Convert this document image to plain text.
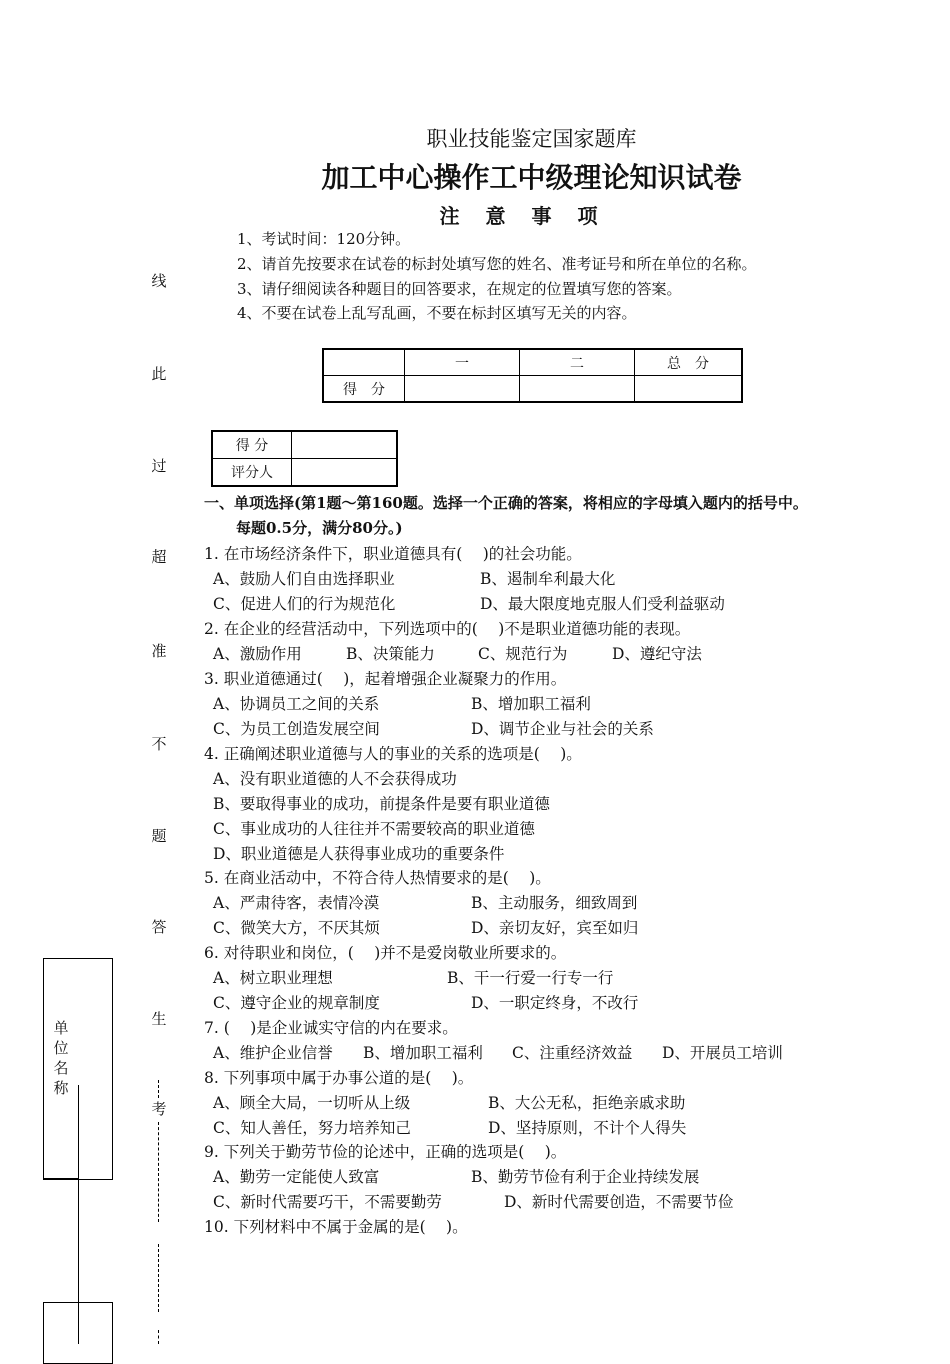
职业技能鉴定国家题库
加工中心操作工中级理论知识试卷
注意事项
1、考试时间：120分钟。
2、请首先按要求在试卷的标封处填写您的姓名、准考证号和所在单位的名称。
3、请仔细阅读各种题目的回答要求，在规定的位置填写您的答案。
4、不要在试卷上乱写乱画，不要在标封区填写无关的内容。
	一	二	总　分
得　分			
得 分	
评分人	
一、单项选择(第1题～第160题。选择一个正确的答案，将相应的字母填入题内的括号中。
每题0.5分，满分80分。)
1. 在市场经济条件下，职业道德具有(　 )的社会功能。
A、鼓励人们自由选择职业	B、遏制牟利最大化
C、促进人们的行为规范化	D、最大限度地克服人们受利益驱动
2. 在企业的经营活动中，下列选项中的(　 )不是职业道德功能的表现。
A、激励作用	B、决策能力	C、规范行为	D、遵纪守法
3. 职业道德通过(　 )，起着增强企业凝聚力的作用。
A、协调员工之间的关系	B、增加职工福利
C、为员工创造发展空间	D、调节企业与社会的关系
4. 正确阐述职业道德与人的事业的关系的选项是(　 )。
A、没有职业道德的人不会获得成功
B、要取得事业的成功，前提条件是要有职业道德
C、事业成功的人往往并不需要较高的职业道德
D、职业道德是人获得事业成功的重要条件
5. 在商业活动中，不符合待人热情要求的是(　 )。
A、严肃待客，表情冷漠	B、主动服务，细致周到
C、微笑大方，不厌其烦	D、亲切友好，宾至如归
6. 对待职业和岗位，(　 )并不是爱岗敬业所要求的。
A、树立职业理想	B、干一行爱一行专一行
C、遵守企业的规章制度	D、一职定终身，不改行
7. (　 )是企业诚实守信的内在要求。
A、维护企业信誉 B、增加职工福利 C、注重经济效益 D、开展员工培训
8. 下列事项中属于办事公道的是(　 )。
A、顾全大局，一切听从上级	B、大公无私，拒绝亲戚求助
C、知人善任，努力培养知己	D、坚持原则，不计个人得失
9. 下列关于勤劳节俭的论述中，正确的选项是(　 )。
A、勤劳一定能使人致富	B、勤劳节俭有利于企业持续发展
C、新时代需要巧干，不需要勤劳	D、新时代需要创造，不需要节俭
10. 下列材料中不属于金属的是(　 )。
线
此
过
超
准
不
题
答
生
考
单位名称
